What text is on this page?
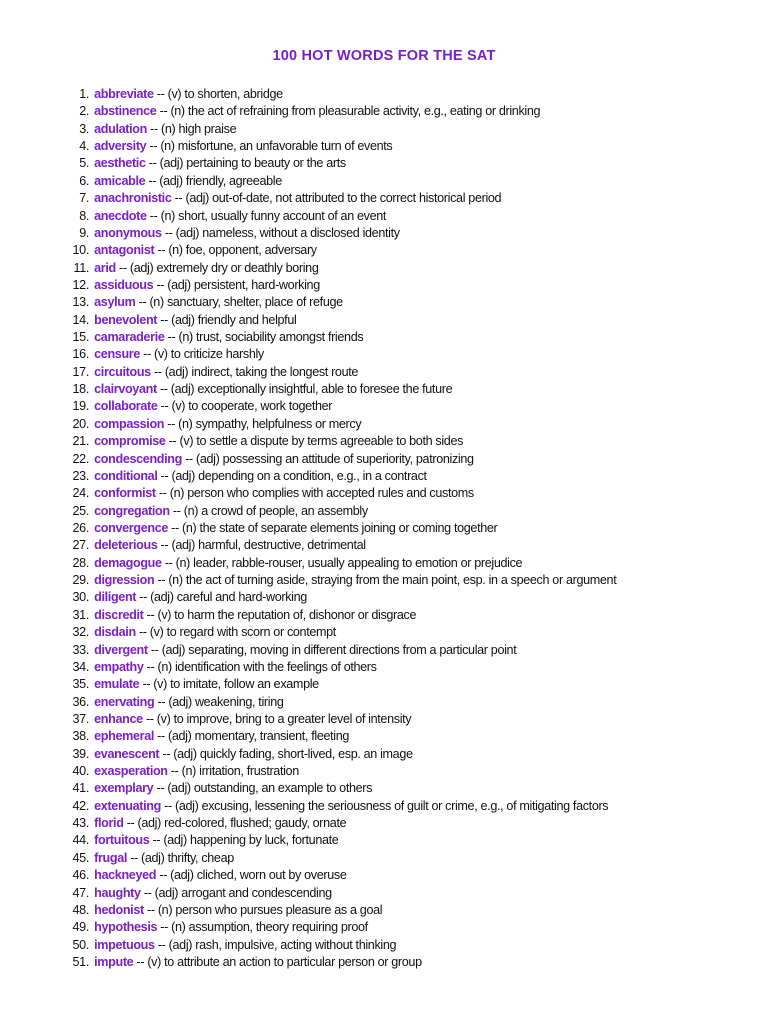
100 HOT WORDS FOR THE SAT
1. abbreviate -- (v) to shorten, abridge
2. abstinence -- (n) the act of refraining from pleasurable activity, e.g., eating or drinking
3. adulation -- (n) high praise
4. adversity -- (n) misfortune, an unfavorable turn of events
5. aesthetic -- (adj) pertaining to beauty or the arts
6. amicable -- (adj) friendly, agreeable
7. anachronistic -- (adj) out-of-date, not attributed to the correct historical period
8. anecdote -- (n) short, usually funny account of an event
9. anonymous -- (adj) nameless, without a disclosed identity
10. antagonist -- (n) foe, opponent, adversary
11. arid -- (adj) extremely dry or deathly boring
12. assiduous -- (adj) persistent, hard-working
13. asylum -- (n) sanctuary, shelter, place of refuge
14. benevolent -- (adj) friendly and helpful
15. camaraderie -- (n) trust, sociability amongst friends
16. censure -- (v) to criticize harshly
17. circuitous -- (adj) indirect, taking the longest route
18. clairvoyant -- (adj) exceptionally insightful, able to foresee the future
19. collaborate -- (v) to cooperate, work together
20. compassion -- (n) sympathy, helpfulness or mercy
21. compromise -- (v) to settle a dispute by terms agreeable to both sides
22. condescending -- (adj) possessing an attitude of superiority, patronizing
23. conditional -- (adj) depending on a condition, e.g., in a contract
24. conformist -- (n) person who complies with accepted rules and customs
25. congregation -- (n) a crowd of people, an assembly
26. convergence -- (n) the state of separate elements joining or coming together
27. deleterious -- (adj) harmful, destructive, detrimental
28. demagogue -- (n) leader, rabble-rouser, usually appealing to emotion or prejudice
29. digression -- (n) the act of turning aside, straying from the main point, esp. in a speech or argument
30. diligent -- (adj) careful and hard-working
31. discredit -- (v) to harm the reputation of, dishonor or disgrace
32. disdain -- (v) to regard with scorn or contempt
33. divergent -- (adj) separating, moving in different directions from a particular point
34. empathy -- (n) identification with the feelings of others
35. emulate -- (v) to imitate, follow an example
36. enervating -- (adj) weakening, tiring
37. enhance -- (v) to improve, bring to a greater level of intensity
38. ephemeral -- (adj) momentary, transient, fleeting
39. evanescent -- (adj) quickly fading, short-lived, esp. an image
40. exasperation -- (n) irritation, frustration
41. exemplary -- (adj) outstanding, an example to others
42. extenuating -- (adj) excusing, lessening the seriousness of guilt or crime, e.g., of mitigating factors
43. florid -- (adj) red-colored, flushed; gaudy, ornate
44. fortuitous -- (adj) happening by luck, fortunate
45. frugal -- (adj) thrifty, cheap
46. hackneyed -- (adj) cliched, worn out by overuse
47. haughty -- (adj) arrogant and condescending
48. hedonist -- (n) person who pursues pleasure as a goal
49. hypothesis -- (n) assumption, theory requiring proof
50. impetuous -- (adj) rash, impulsive, acting without thinking
51. impute -- (v) to attribute an action to particular person or group
